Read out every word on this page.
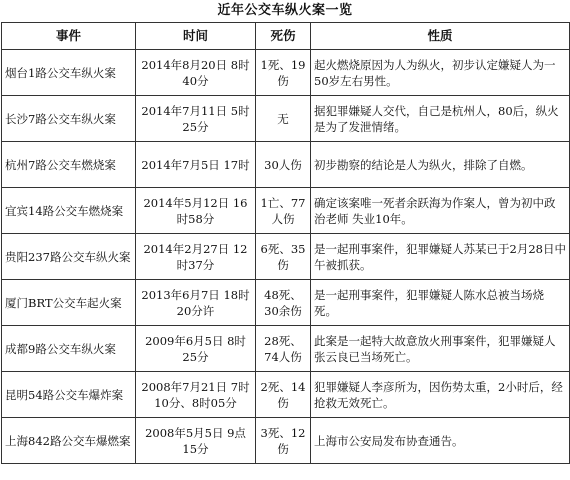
近年公交车纵火案一览
事件	时间	死伤	性质
烟台1路公交车纵火案	2014年8月20日 8时40分	1死、19伤	起火燃烧原因为人为纵火，初步认定嫌疑人为一50岁左右男性。
长沙7路公交车纵火案	2014年7月11日 5时25分	无	据犯罪嫌疑人交代，自己是杭州人，80后，纵火是为了发泄情绪。
杭州7路公交车燃烧案	2014年7月5日 17时	30人伤	初步勘察的结论是人为纵火，排除了自燃。
宜宾14路公交车燃烧案	2014年5月12日 16时58分	1亡、77人伤	确定该案唯一死者余跃海为作案人，曾为初中政治老师 失业10年。
贵阳237路公交车纵火案	2014年2月27日 12时37分	6死、35伤	是一起刑事案件，犯罪嫌疑人苏某已于2月28日中午被抓获。
厦门BRT公交车起火案	2013年6月7日 18时20分许	48死、30余伤	是一起刑事案件，犯罪嫌疑人陈水总被当场烧死。
成都9路公交车纵火案	2009年6月5日 8时25分	28死、74人伤	此案是一起特大故意放火刑事案件，犯罪嫌疑人张云良已当场死亡。
昆明54路公交车爆炸案	2008年7月21日 7时10分、8时05分	2死、14伤	犯罪嫌疑人李彦所为，因伤势太重，2小时后，经抢救无效死亡。
上海842路公交车爆燃案	2008年5月5日 9点15分	3死、12伤	上海市公安局发布协查通告。
